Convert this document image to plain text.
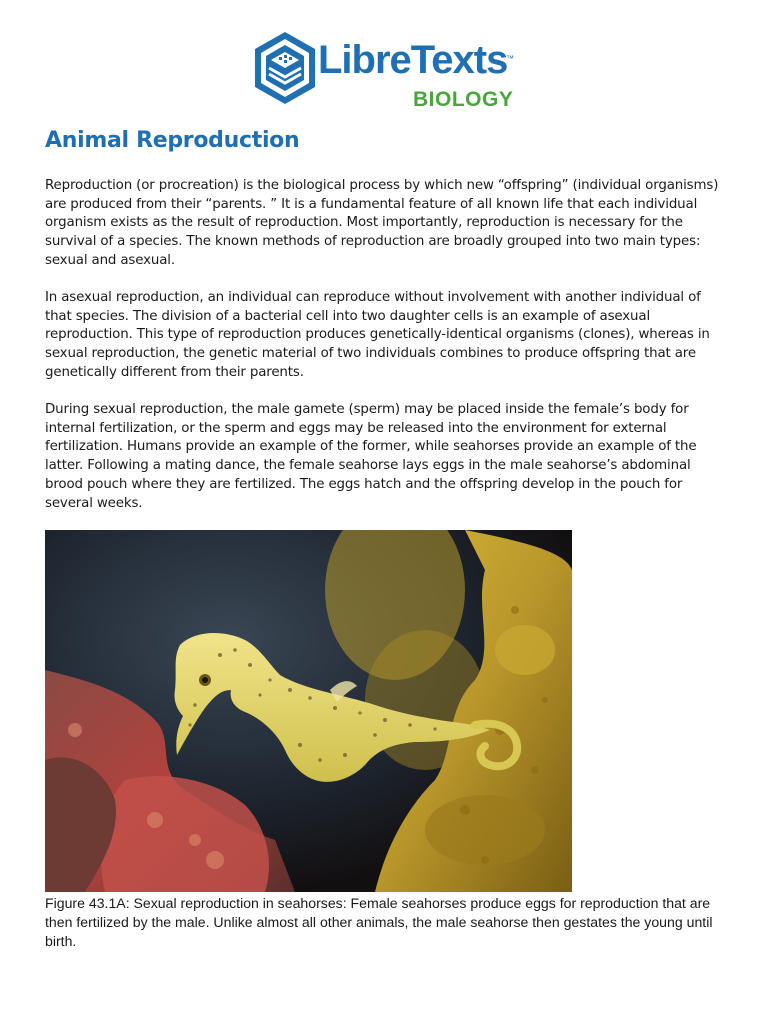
LibreTexts
™
BIOLOGY
Animal Reproduction

Reproduction (or procreation) is the biological process by which new “offspring” (individual organisms) are produced from their “parents. ” It is a fundamental feature of all known life that each individual organism exists as the result of reproduction. Most importantly, reproduction is necessary for the survival of a species. The known methods of reproduction are broadly grouped into two main types: sexual and asexual.

In asexual reproduction, an individual can reproduce without involvement with another individual of that species. The division of a bacterial cell into two daughter cells is an example of asexual reproduction. This type of reproduction produces genetically-identical organisms (clones), whereas in sexual reproduction, the genetic material of two individuals combines to produce offspring that are genetically different from their parents.

During sexual reproduction, the male gamete (sperm) may be placed inside the female’s body for internal fertilization, or the sperm and eggs may be released into the environment for external fertilization. Humans provide an example of the former, while seahorses provide an example of the latter. Following a mating dance, the female seahorse lays eggs in the male seahorse’s abdominal brood pouch where they are fertilized. The eggs hatch and the offspring develop in the pouch for several weeks.

Figure 43.1A: Sexual reproduction in seahorses: Female seahorses produce eggs for reproduction that are then fertilized by the male. Unlike almost all other animals, the male seahorse then gestates the young until birth.
